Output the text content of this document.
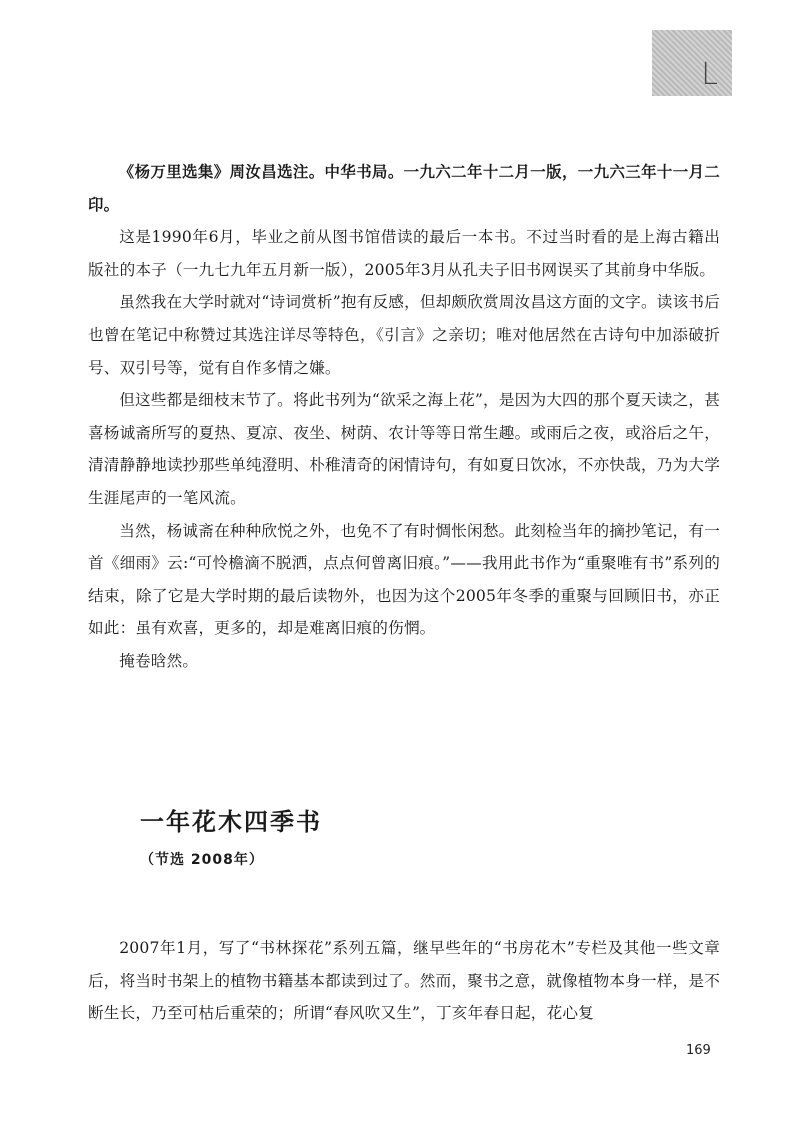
L

《杨万里选集》周汝昌选注。中华书局。一九六二年十二月一版，一九六三年十一月二印。

这是1990年6月，毕业之前从图书馆借读的最后一本书。不过当时看的是上海古籍出版社的本子（一九七九年五月新一版），2005年3月从孔夫子旧书网误买了其前身中华版。

虽然我在大学时就对“诗词赏析”抱有反感，但却颇欣赏周汝昌这方面的文字。读该书后也曾在笔记中称赞过其选注详尽等特色，《引言》之亲切；唯对他居然在古诗句中加添破折号、双引号等，觉有自作多情之嫌。

但这些都是细枝末节了。将此书列为“欲采之海上花”，是因为大四的那个夏天读之，甚喜杨诚斋所写的夏热、夏凉、夜坐、树荫、农计等等日常生趣。或雨后之夜，或浴后之午，清清静静地读抄那些单纯澄明、朴稚清奇的闲情诗句，有如夏日饮冰，不亦快哉，乃为大学生涯尾声的一笔风流。

当然，杨诚斋在种种欣悦之外，也免不了有时惆怅闲愁。此刻检当年的摘抄笔记，有一首《细雨》云:“可怜檐滴不脱洒，点点何曾离旧痕。”——我用此书作为“重聚唯有书”系列的结束，除了它是大学时期的最后读物外，也因为这个2005年冬季的重聚与回顾旧书，亦正如此：虽有欢喜，更多的，却是难离旧痕的伤惘。

掩卷晗然。

一年花木四季书
（节选 2008年）

2007年1月，写了“书林探花”系列五篇，继早些年的“书房花木”专栏及其他一些文章后，将当时书架上的植物书籍基本都读到过了。然而，聚书之意，就像植物本身一样，是不断生长，乃至可枯后重荣的；所谓“春风吹又生”，丁亥年春日起，花心复

169
